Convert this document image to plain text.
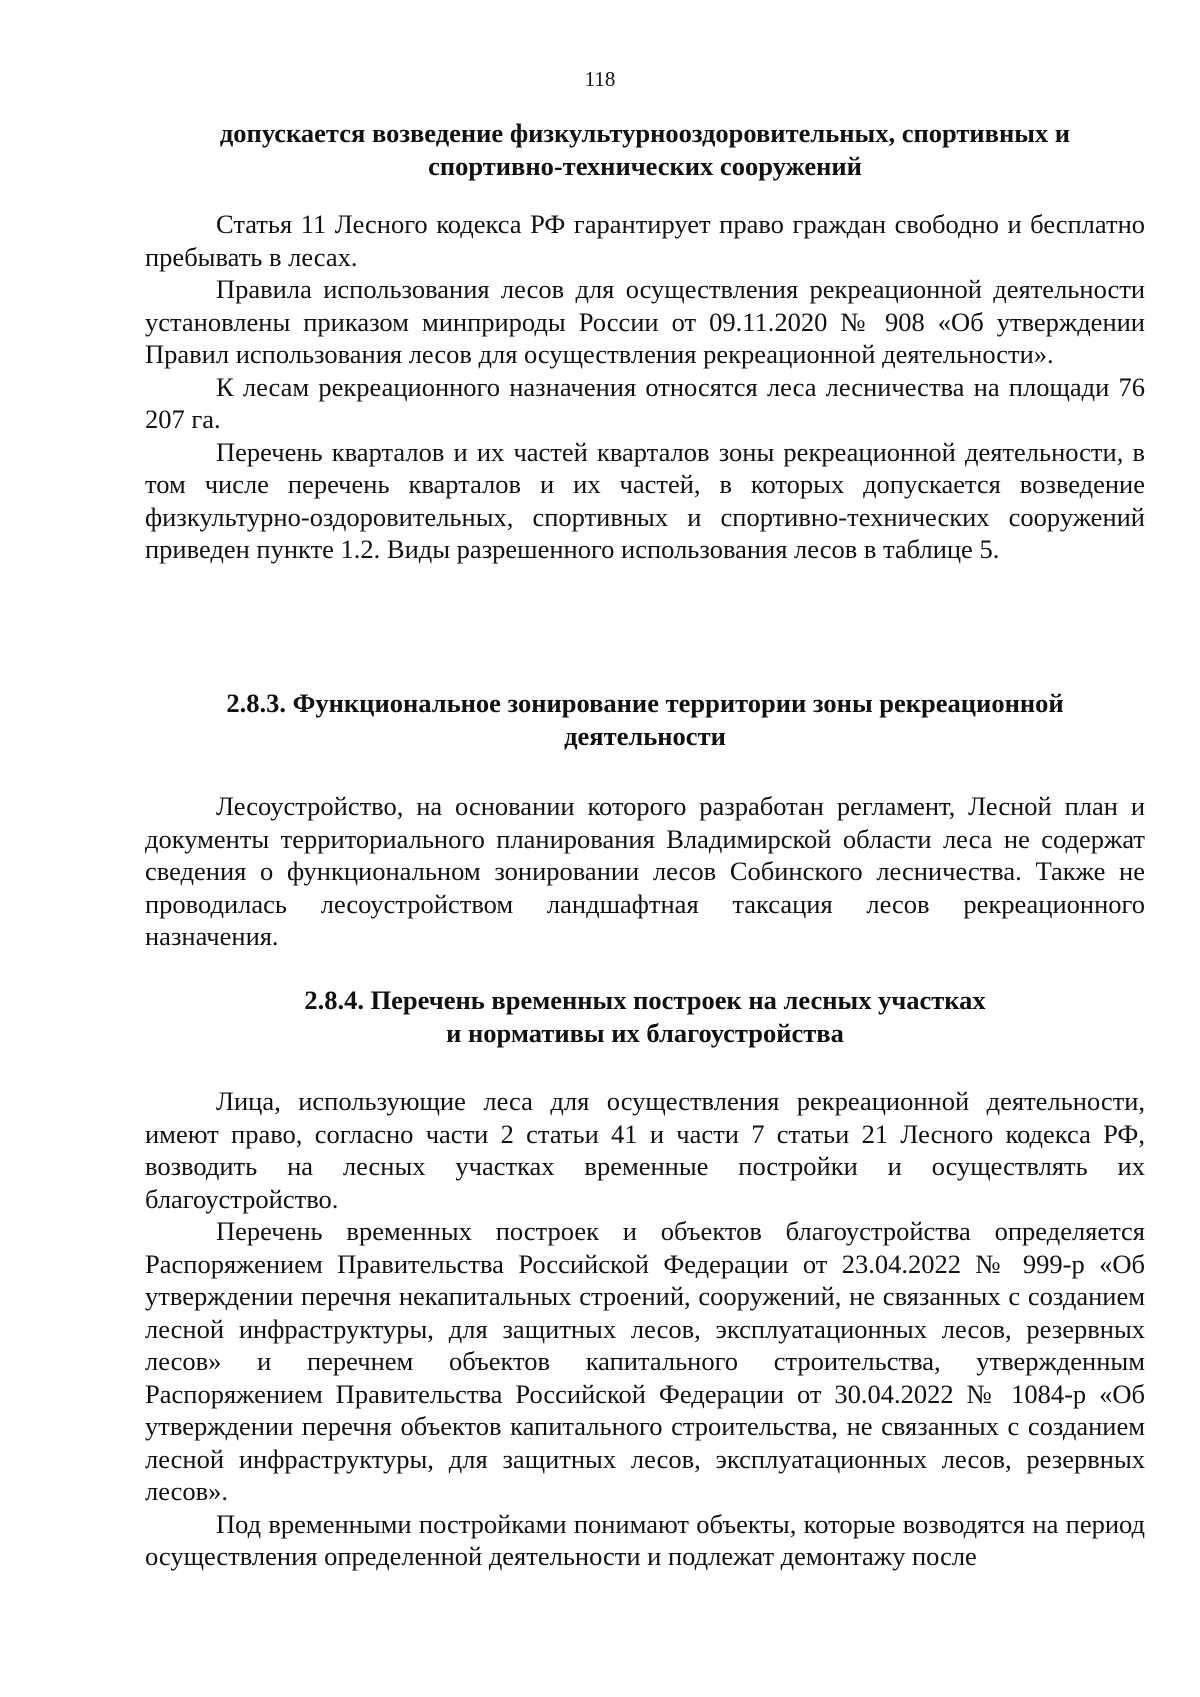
118
допускается возведение физкультурнооздоровительных, спортивных и спортивно-технических сооружений

Статья 11 Лесного кодекса РФ гарантирует право граждан свободно и бесплатно пребывать в лесах.

Правила использования лесов для осуществления рекреационной деятельности установлены приказом минприроды России от 09.11.2020 № 908 «Об утверждении Правил использования лесов для осуществления рекреационной деятельности».

К лесам рекреационного назначения относятся леса лесничества на площади 76 207 га.

Перечень кварталов и их частей кварталов зоны рекреационной деятельности, в том числе перечень кварталов и их частей, в которых допускается возведение физкультурно-оздоровительных, спортивных и спортивно-технических сооружений приведен пункте 1.2. Виды разрешенного использования лесов в таблице 5.

2.8.3. Функциональное зонирование территории зоны рекреационной деятельности

Лесоустройство, на основании которого разработан регламент, Лесной план и документы территориального планирования Владимирской области леса не содержат сведения о функциональном зонировании лесов Собинского лесничества. Также не проводилась лесоустройством ландшафтная таксация лесов рекреационного назначения.

2.8.4. Перечень временных построек на лесных участках
и нормативы их благоустройства

Лица, использующие леса для осуществления рекреационной деятельности, имеют право, согласно части 2 статьи 41 и части 7 статьи 21 Лесного кодекса РФ, возводить на лесных участках временные постройки и осуществлять их благоустройство.

Перечень временных построек и объектов благоустройства определяется Распоряжением Правительства Российской Федерации от 23.04.2022 № 999-р «Об утверждении перечня некапитальных строений, сооружений, не связанных с созданием лесной инфраструктуры, для защитных лесов, эксплуатационных лесов, резервных лесов» и перечнем объектов капитального строительства, утвержденным Распоряжением Правительства Российской Федерации от 30.04.2022 № 1084-р «Об утверждении перечня объектов капитального строительства, не связанных с созданием лесной инфраструктуры, для защитных лесов, эксплуатационных лесов, резервных лесов».

Под временными постройками понимают объекты, которые возводятся на период осуществления определенной деятельности и подлежат демонтажу после
